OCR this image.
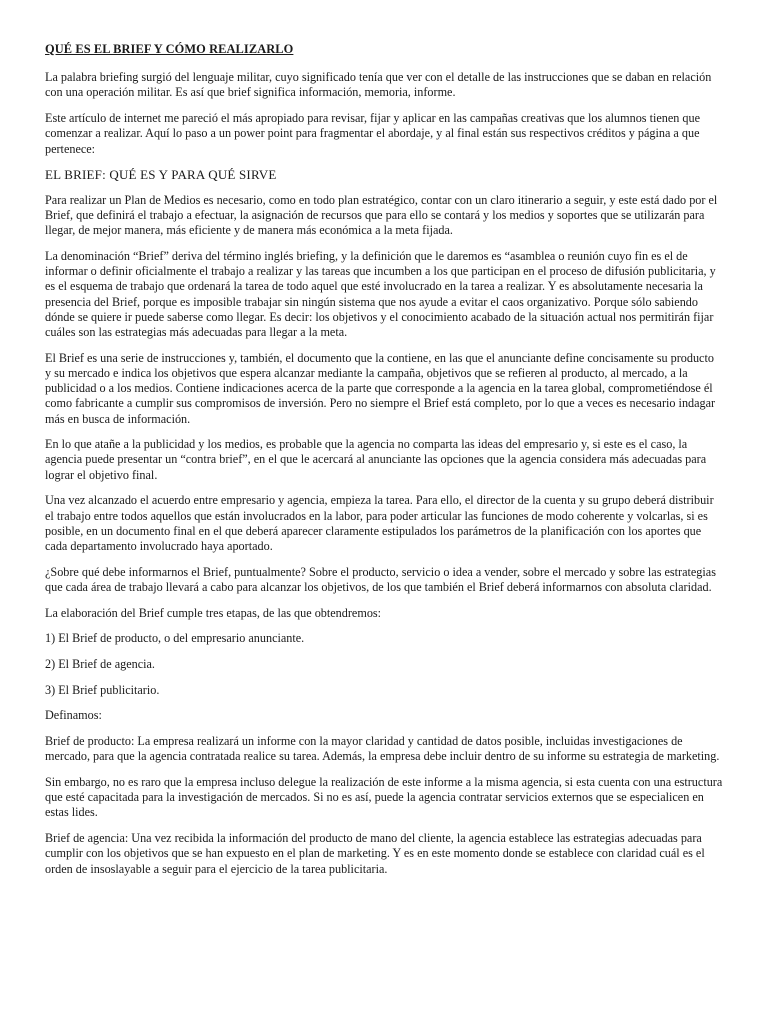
QUÉ ES EL BRIEF Y CÓMO REALIZARLO

La palabra briefing surgió del lenguaje militar, cuyo significado tenía que ver con el detalle de las instrucciones que se daban en relación con una operación militar. Es así que brief significa información, memoria, informe.

Este artículo de internet me pareció el más apropiado para revisar, fijar y aplicar en las campañas creativas que los alumnos tienen que comenzar a realizar. Aquí lo paso a un power point para fragmentar el abordaje, y al final están sus respectivos créditos y página a que pertenece:

EL BRIEF: QUÉ ES Y PARA QUÉ SIRVE

Para realizar un Plan de Medios es necesario, como en todo plan estratégico, contar con un claro itinerario a seguir, y este está dado por el Brief, que definirá el trabajo a efectuar, la asignación de recursos que para ello se contará y los medios y soportes que se utilizarán para llegar, de mejor manera, más eficiente y de manera más económica a la meta fijada.

La denominación “Brief” deriva del término inglés briefing, y la definición que le daremos es “asamblea o reunión cuyo fin es el de informar o definir oficialmente el trabajo a realizar y las tareas que incumben a los que participan en el proceso de difusión publicitaria, y es el esquema de trabajo que ordenará la tarea de todo aquel que esté involucrado en la tarea a realizar. Y es absolutamente necesaria la presencia del Brief, porque es imposible trabajar sin ningún sistema que nos ayude a evitar el caos organizativo. Porque sólo sabiendo dónde se quiere ir puede saberse como llegar. Es decir: los objetivos y el conocimiento acabado de la situación actual nos permitirán fijar cuáles son las estrategias más adecuadas para llegar a la meta.

El Brief es una serie de instrucciones y, también, el documento que la contiene, en las que el anunciante define concisamente su producto y su mercado e indica los objetivos que espera alcanzar mediante la campaña, objetivos que se refieren al producto, al mercado, a la publicidad o a los medios. Contiene indicaciones acerca de la parte que corresponde a la agencia en la tarea global, comprometiéndose él como fabricante a cumplir sus compromisos de inversión. Pero no siempre el Brief está completo, por lo que a veces es necesario indagar más en busca de información.

En lo que atañe a la publicidad y los medios, es probable que la agencia no comparta las ideas del empresario y, si este es el caso, la agencia puede presentar un “contra brief”, en el que le acercará al anunciante las opciones que la agencia considera más adecuadas para lograr el objetivo final.

Una vez alcanzado el acuerdo entre empresario y agencia, empieza la tarea. Para ello, el director de la cuenta y su grupo deberá distribuir el trabajo entre todos aquellos que están involucrados en la labor, para poder articular las funciones de modo coherente y volcarlas, si es posible, en un documento final en el que deberá aparecer claramente estipulados los parámetros de la planificación con los aportes que cada departamento involucrado haya aportado.

¿Sobre qué debe informarnos el Brief, puntualmente? Sobre el producto, servicio o idea a vender, sobre el mercado y sobre las estrategias que cada área de trabajo llevará a cabo para alcanzar los objetivos, de los que también el Brief deberá informarnos con absoluta claridad.

La elaboración del Brief cumple tres etapas, de las que obtendremos:

1) El Brief de producto, o del empresario anunciante.

2) El Brief de agencia.

3) El Brief publicitario.

Definamos:

Brief de producto: La empresa realizará un informe con la mayor claridad y cantidad de datos posible, incluidas investigaciones de mercado, para que la agencia contratada realice su tarea. Además, la empresa debe incluir dentro de su informe su estrategia de marketing.

Sin embargo, no es raro que la empresa incluso delegue la realización de este informe a la misma agencia, si esta cuenta con una estructura que esté capacitada para la investigación de mercados. Si no es así, puede la agencia contratar servicios externos que se especialicen en estas lides.

Brief de agencia: Una vez recibida la información del producto de mano del cliente, la agencia establece las estrategias adecuadas para cumplir con los objetivos que se han expuesto en el plan de marketing. Y es en este momento donde se establece con claridad cuál es el orden de insoslayable a seguir para el ejercicio de la tarea publicitaria.
